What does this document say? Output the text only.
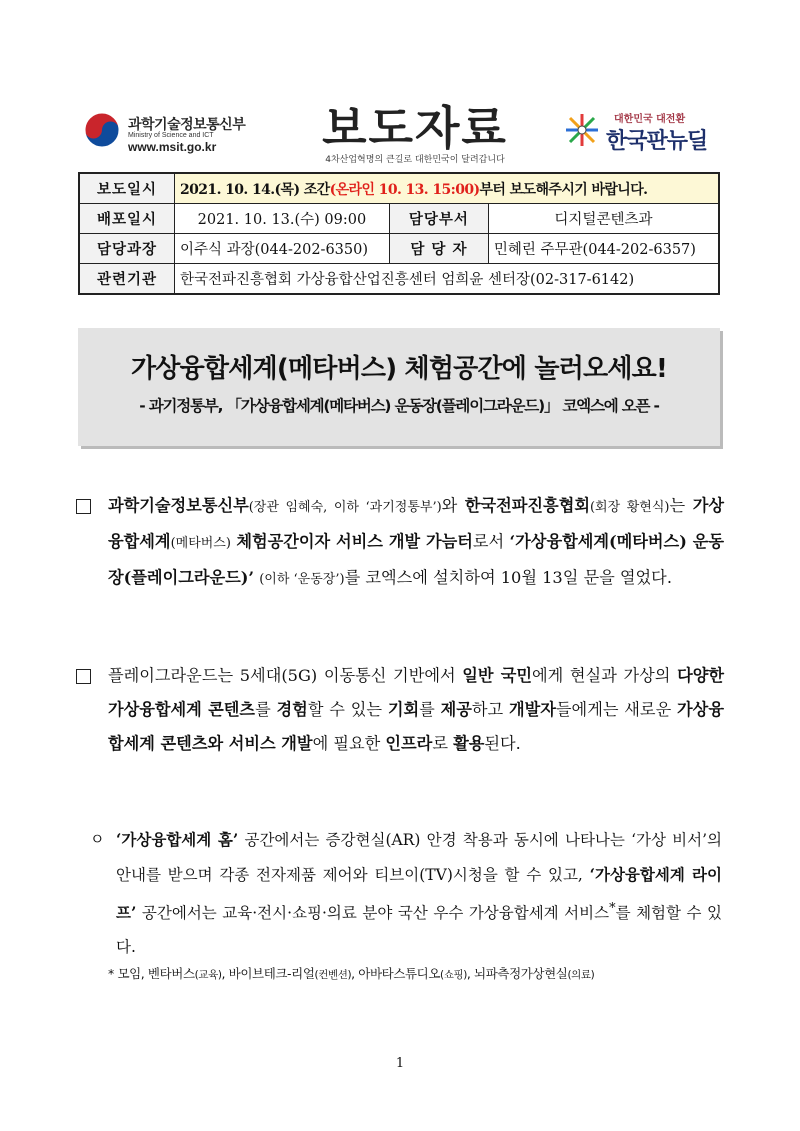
과학기술정보통신부
Ministry of Science and ICT
www.msit.go.kr 보도자료
4차산업혁명의 큰길로 대한민국이 달려갑니다
대한민국 대전환
한국판뉴딜
보도일시	2021. 10. 14.(목) 조간(온라인 10. 13. 15:00)부터 보도해주시기 바랍니다.		
배포일시	2021. 10. 13.(수) 09:00	담당부서	디지털콘텐츠과
담당과장	이주식 과장(044-202-6350)	담 당 자	민혜린 주무관(044-202-6357)
관련기관	한국전파진흥협회 가상융합산업진흥센터 엄희윤 센터장(02-317-6142)		
가상융합세계(메타버스) 체험공간에 놀러오세요!
- 과기정통부, 「가상융합세계(메타버스) 운동장(플레이그라운드)」 코엑스에 오픈 -
과학기술정보통신부(장관 임혜숙, 이하 ‘과기정통부’)와 한국전파진흥협회(회장 황현식)는 가상융합세계(메타버스) 체험공간이자 서비스 개발 가늠터로서 ‘가상융합세계(메타버스) 운동장(플레이그라운드)’ (이하 ‘운동장’)를 코엑스에 설치하여 10월 13일 문을 열었다.
플레이그라운드는 5세대(5G) 이동통신 기반에서 일반 국민에게 현실과 가상의 다양한 가상융합세계 콘텐츠를 경험할 수 있는 기회를 제공하고 개발자들에게는 새로운 가상융합세계 콘텐츠와 서비스 개발에 필요한 인프라로 활용된다.
ㅇ ‘가상융합세계 홈’ 공간에서는 증강현실(AR) 안경 착용과 동시에 나타나는 ‘가상 비서’의 안내를 받으며 각종 전자제품 제어와 티브이(TV)시청을 할 수 있고, ‘가상융합세계 라이프’ 공간에서는 교육·전시·쇼핑·의료 분야 국산 우수 가상융합세계 서비스*를 체험할 수 있다.
* 모임, 벤타버스(교육), 바이브테크-리얼(컨벤션), 아바타스튜디오(쇼핑), 뇌파측정가상현실(의료)
1
